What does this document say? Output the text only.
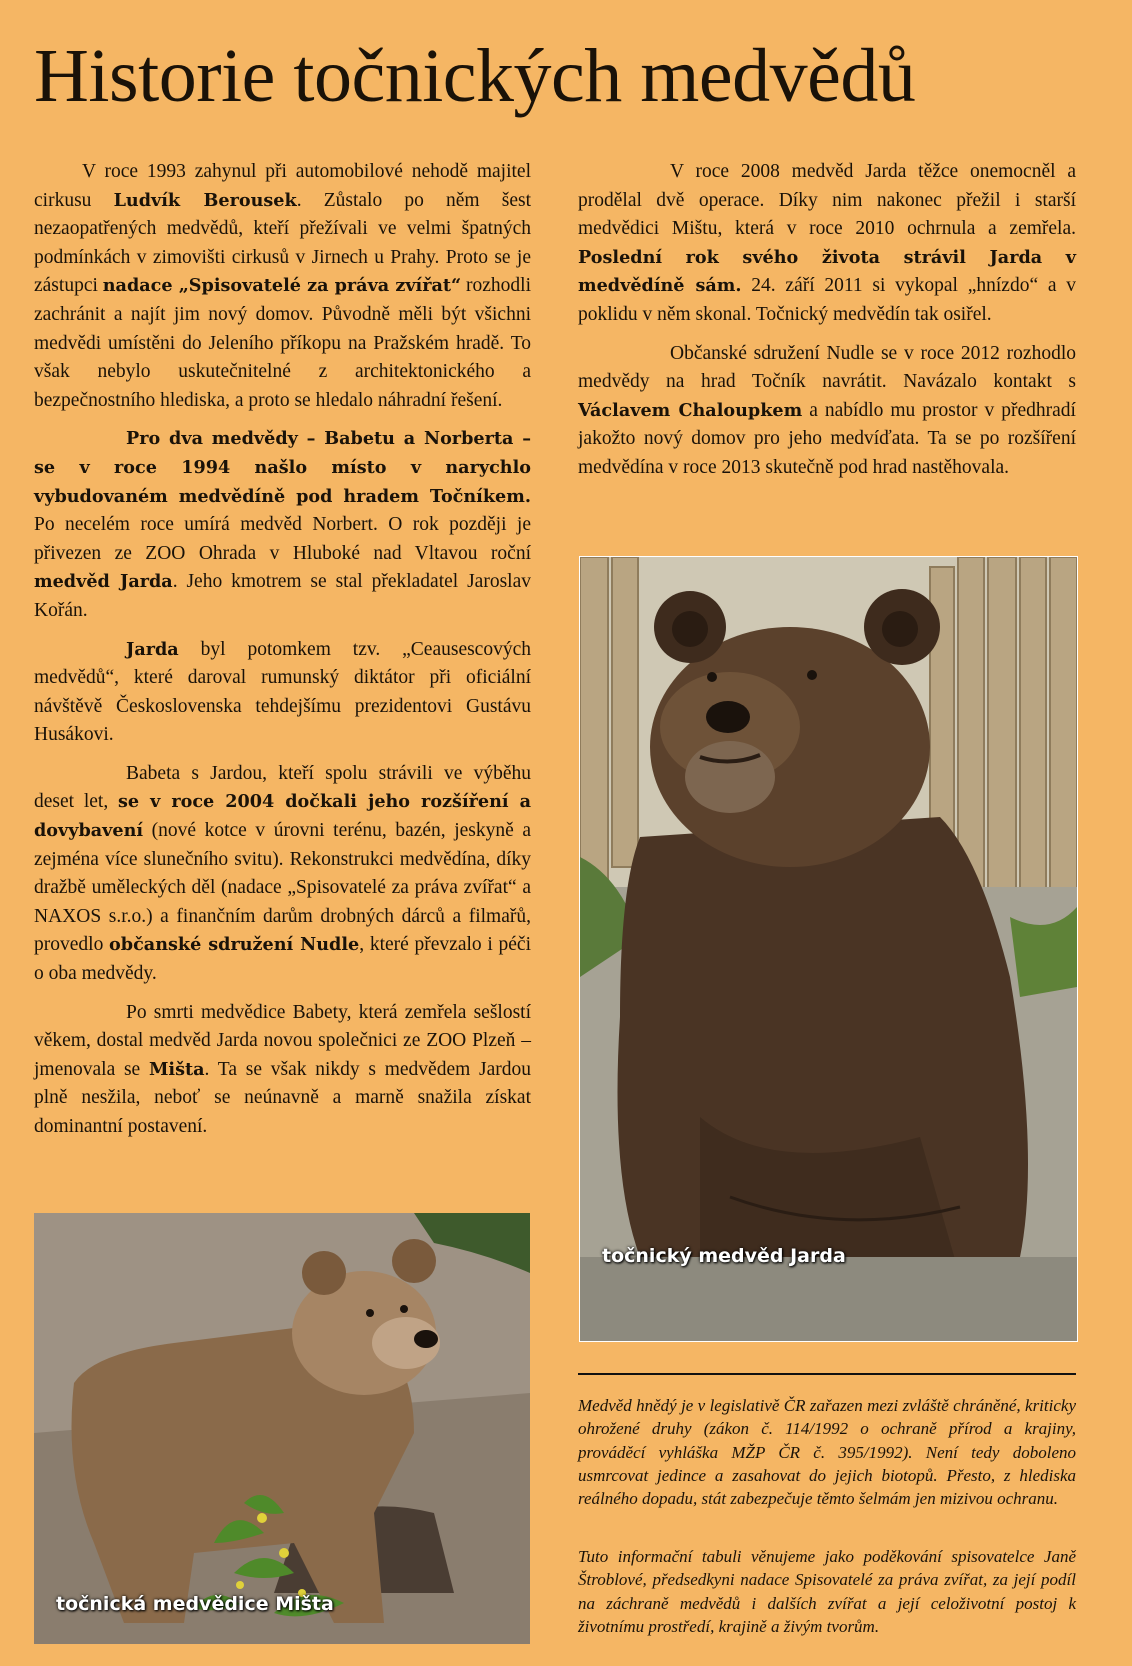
Historie točnických medvědů

V roce 1993 zahynul při automobilové nehodě majitel cirkusu Ludvík Berousek. Zůstalo po něm šest nezaopatřených medvědů, kteří přežívali ve velmi špatných podmínkách v zimovišti cirkusů v Jirnech u Prahy. Proto se je zástupci nadace „Spisovatelé za práva zvířat“ rozhodli zachránit a najít jim nový domov. Původně měli být všichni medvědi umístěni do Jeleního příkopu na Pražském hradě. To však nebylo uskutečnitelné z architektonického a bezpečnostního hlediska, a proto se hledalo náhradní řešení.

Pro dva medvědy – Babetu a Norberta – se v roce 1994 našlo místo v narychlo vybudovaném medvědíně pod hradem Točníkem. Po necelém roce umírá medvěd Norbert. O rok později je přivezen ze ZOO Ohrada v Hluboké nad Vltavou roční medvěd Jarda. Jeho kmotrem se stal překladatel Jaroslav Kořán.

Jarda byl potomkem tzv. „Ceausescových medvědů“, které daroval rumunský diktátor při oficiální návštěvě Československa tehdejšímu prezidentovi Gustávu Husákovi.

Babeta s Jardou, kteří spolu strávili ve výběhu deset let, se v roce 2004 dočkali jeho rozšíření a dovybavení (nové kotce v úrovni terénu, bazén, jeskyně a zejména více slunečního svitu). Rekonstrukci medvědína, díky dražbě uměleckých děl (nadace „Spisovatelé za práva zvířat“ a NAXOS s.r.o.) a finančním darům drobných dárců a filmařů, provedlo občanské sdružení Nudle, které převzalo i péči o oba medvědy.

Po smrti medvědice Babety, která zemřela sešlostí věkem, dostal medvěd Jarda novou společnici ze ZOO Plzeň – jmenovala se Mišta. Ta se však nikdy s medvědem Jardou plně nesžila, neboť se neúnavně a marně snažila získat dominantní postavení.

V roce 2008 medvěd Jarda těžce onemocněl a prodělal dvě operace. Díky nim nakonec přežil i starší medvědici Mištu, která v roce 2010 ochrnula a zemřela. Poslední rok svého života strávil Jarda v medvědíně sám. 24. září 2011 si vykopal „hnízdo“ a v poklidu v něm skonal. Točnický medvědín tak osiřel.

Občanské sdružení Nudle se v roce 2012 rozhodlo medvědy na hrad Točník navrátit. Navázalo kontakt s Václavem Chaloupkem a nabídlo mu prostor v předhradí jakožto nový domov pro jeho medvíďata. Ta se po rozšíření medvědína v roce 2013 skutečně pod hrad nastěhovala.

točnický medvěd Jarda
točnická medvědice Mišta
Medvěd hnědý je v legislativě ČR zařazen mezi zvláště chráněné, kriticky ohrožené druhy (zákon č. 114/1992 o ochraně přírod a krajiny, prováděcí vyhláška MŽP ČR č. 395/1992). Není tedy doboleno usmrcovat jedince a zasahovat do jejich biotopů. Přesto, z hlediska reálného dopadu, stát zabezpečuje těmto šelmám jen mizivou ochranu.
Tuto informační tabuli věnujeme jako poděkování spisovatelce Janě Štroblové, předsedkyni nadace Spisovatelé za práva zvířat, za její podíl na záchraně medvědů i dalších zvířat a její celoživotní postoj k životnímu prostředí, krajině a živým tvorům.
